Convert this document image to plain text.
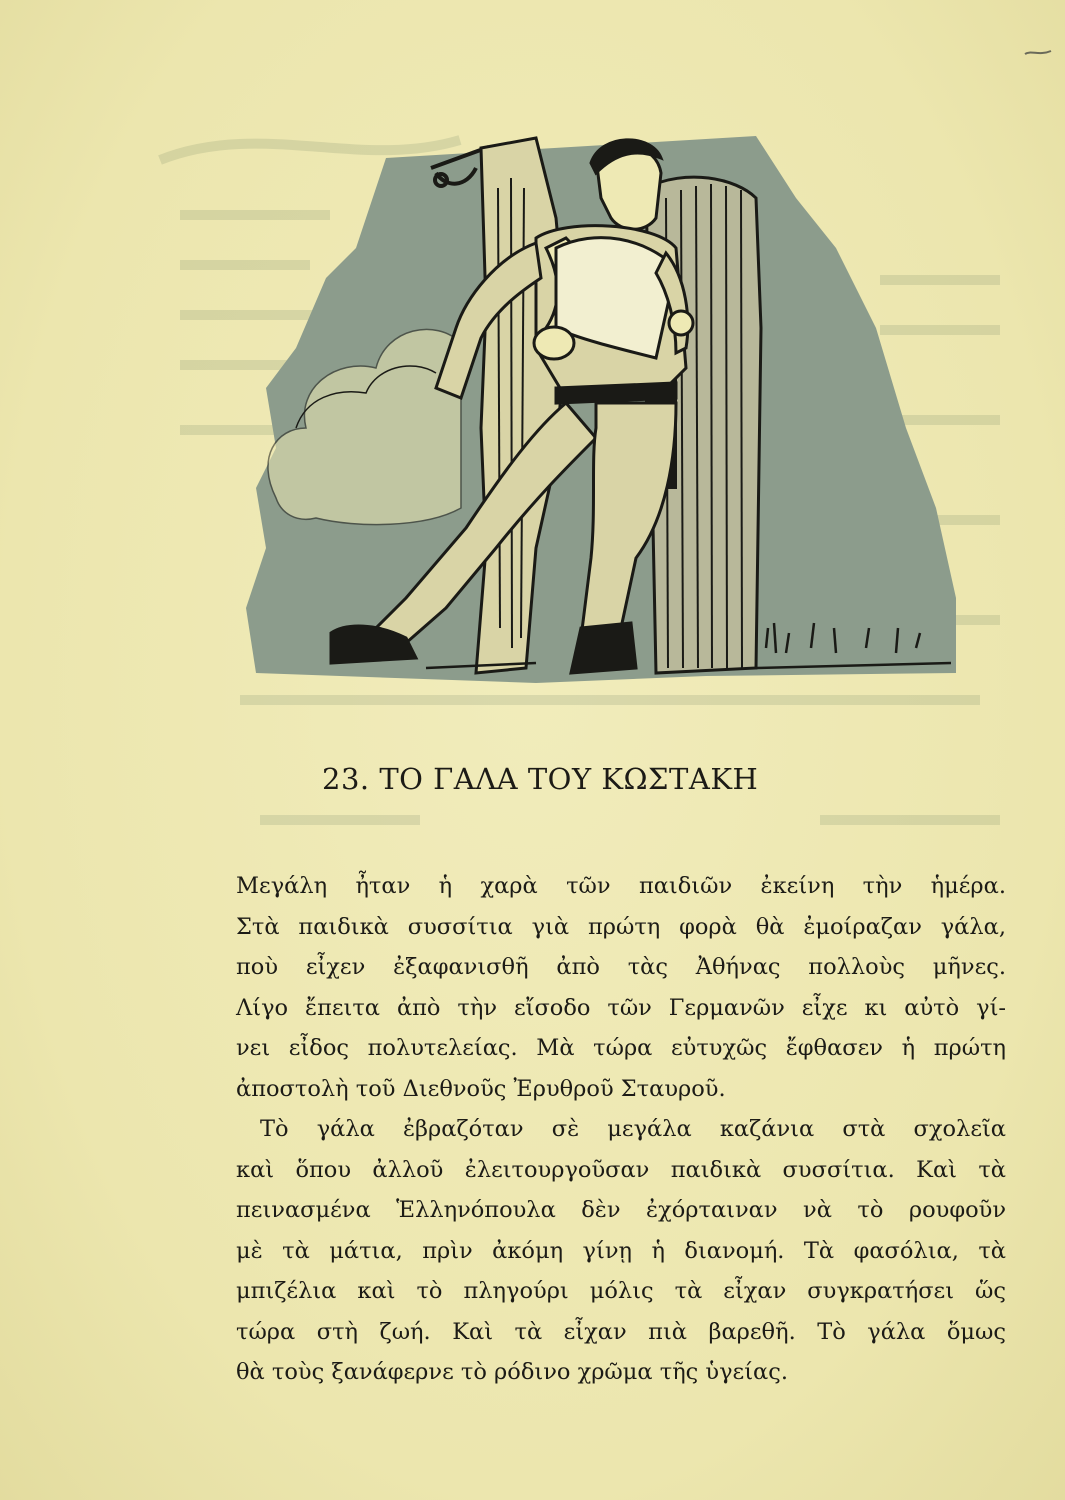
23. ΤΟ ΓΑΛΑ ΤΟΥ ΚΩΣΤΑΚΗ
Μεγάλη ἦταν ἡ χαρὰ τῶν παιδιῶν ἐκείνη τὴν ἡμέρα.
Στὰ παιδικὰ συσσίτια γιὰ πρώτη φορὰ θὰ ἐμοίραζαν γάλα,
ποὺ εἶχεν ἐξαφανισθῆ ἀπὸ τὰς Ἀθήνας πολλοὺς μῆνες.
Λίγο ἔπειτα ἀπὸ τὴν εἴσοδο τῶν Γερμανῶν εἶχε κι αὐτὸ γί-
νει εἶδος πολυτελείας. Μὰ τώρα εὐτυχῶς ἔφθασεν ἡ πρώτη
ἀποστολὴ τοῦ Διεθνοῦς Ἐρυθροῦ Σταυροῦ.
Τὸ γάλα ἐβραζόταν σὲ μεγάλα καζάνια στὰ σχολεῖα
καὶ ὅπου ἀλλοῦ ἐλειτουργοῦσαν παιδικὰ συσσίτια. Καὶ τὰ
πεινασμένα Ἑλληνόπουλα δὲν ἐχόρταιναν νὰ τὸ ρουφοῦν
μὲ τὰ μάτια, πρὶν ἀκόμη γίνῃ ἡ διανομή. Τὰ φασόλια, τὰ
μπιζέλια καὶ τὸ πληγούρι μόλις τὰ εἶχαν συγκρατήσει ὥς
τώρα στὴ ζωή. Καὶ τὰ εἶχαν πιὰ βαρεθῆ. Τὸ γάλα ὅμως
θὰ τοὺς ξανάφερνε τὸ ρόδινο χρῶμα τῆς ὑγείας.
